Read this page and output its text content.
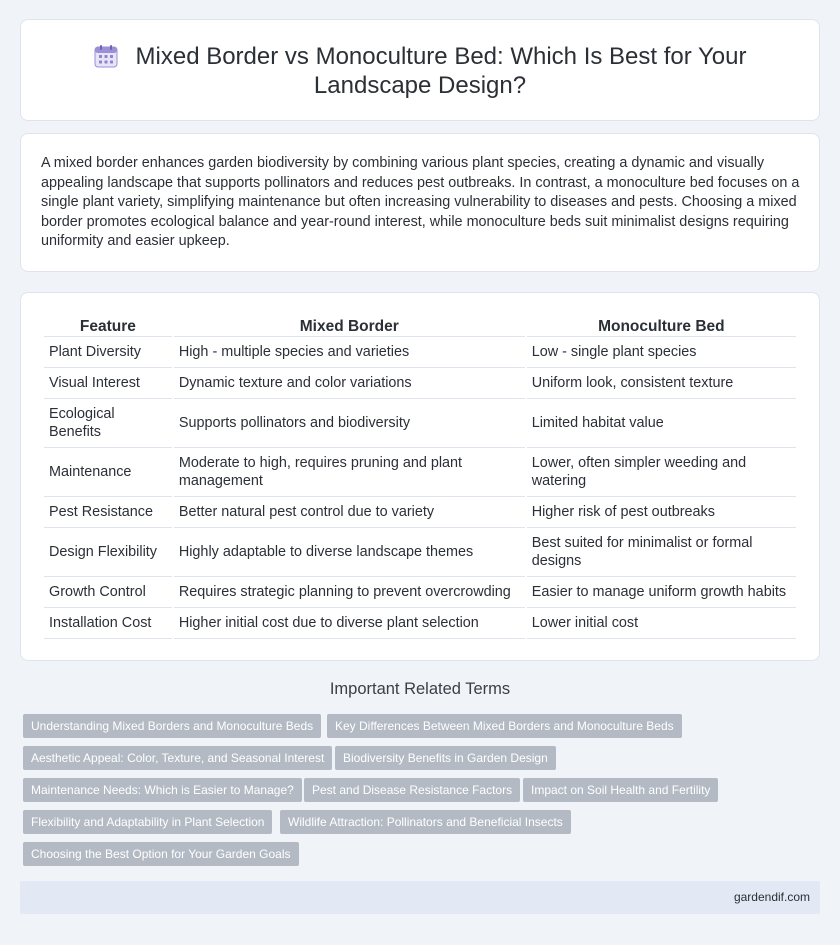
Mixed Border vs Monoculture Bed: Which Is Best for Your Landscape Design?

A mixed border enhances garden biodiversity by combining various plant species, creating a dynamic and visually appealing landscape that supports pollinators and reduces pest outbreaks. In contrast, a monoculture bed focuses on a single plant variety, simplifying maintenance but often increasing vulnerability to diseases and pests. Choosing a mixed border promotes ecological balance and year-round interest, while monoculture beds suit minimalist designs requiring uniformity and easier upkeep.

Feature	Mixed Border	Monoculture Bed
Plant Diversity	High - multiple species and varieties	Low - single plant species
Visual Interest	Dynamic texture and color variations	Uniform look, consistent texture
Ecological Benefits	Supports pollinators and biodiversity	Limited habitat value
Maintenance	Moderate to high, requires pruning and plant management	Lower, often simpler weeding and watering
Pest Resistance	Better natural pest control due to variety	Higher risk of pest outbreaks
Design Flexibility	Highly adaptable to diverse landscape themes	Best suited for minimalist or formal designs
Growth Control	Requires strategic planning to prevent overcrowding	Easier to manage uniform growth habits
Installation Cost	Higher initial cost due to diverse plant selection	Lower initial cost
Important Related Terms
Understanding Mixed Borders and Monoculture Beds	Key Differences Between Mixed Borders and Monoculture Beds
Aesthetic Appeal: Color, Texture, and Seasonal Interest	Biodiversity Benefits in Garden Design
Maintenance Needs: Which is Easier to Manage?	Pest and Disease Resistance Factors	Impact on Soil Health and Fertility
Flexibility and Adaptability in Plant Selection	Wildlife Attraction: Pollinators and Beneficial Insects
Choosing the Best Option for Your Garden Goals
gardendif.com
